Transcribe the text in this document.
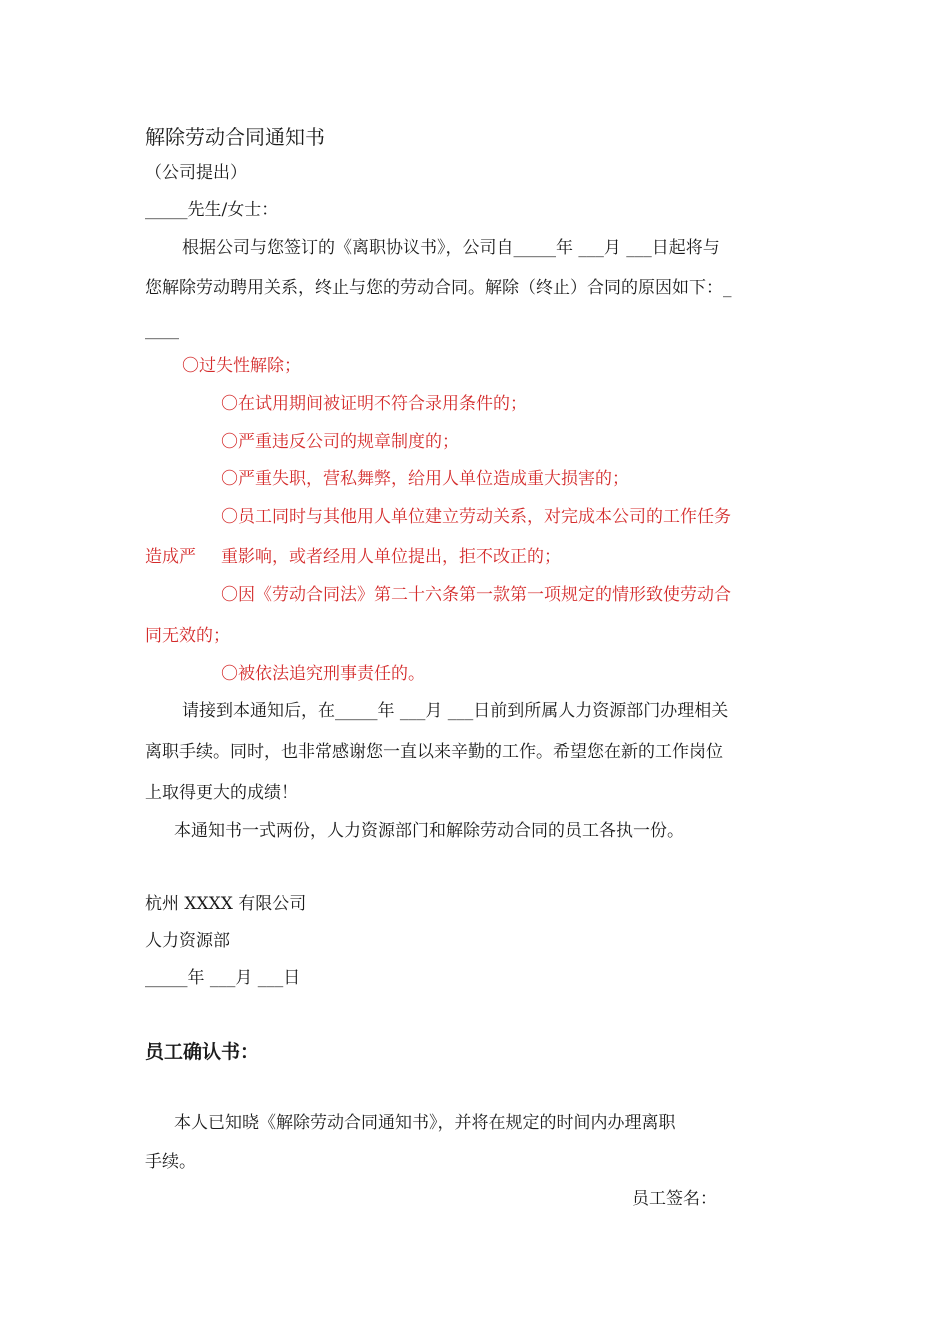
解除劳动合同通知书
（公司提出）
_____先生/女士：
根据公司与您签订的《离职协议书》，公司自_____年 ___月 ___日起将与
您解除劳动聘用关系，终止与您的劳动合同。解除（终止）合同的原因如下：_
____
〇过失性解除；
〇在试用期间被证明不符合录用条件的；
〇严重违反公司的规章制度的；
〇严重失职，营私舞弊，给用人单位造成重大损害的；
〇员工同时与其他用人单位建立劳动关系，对完成本公司的工作任务
造成严 重影响，或者经用人单位提出，拒不改正的；
〇因《劳动合同法》第二十六条第一款第一项规定的情形致使劳动合
同无效的；
〇被依法追究刑事责任的。
请接到本通知后，在_____年 ___月 ___日前到所属人力资源部门办理相关
离职手续。同时，也非常感谢您一直以来辛勤的工作。希望您在新的工作岗位
上取得更大的成绩！
本通知书一式两份，人力资源部门和解除劳动合同的员工各执一份。
杭州 XXXX 有限公司
人力资源部
_____年 ___月 ___日
员工确认书：
本人已知晓《解除劳动合同通知书》，并将在规定的时间内办理离职
手续。
员工签名：
